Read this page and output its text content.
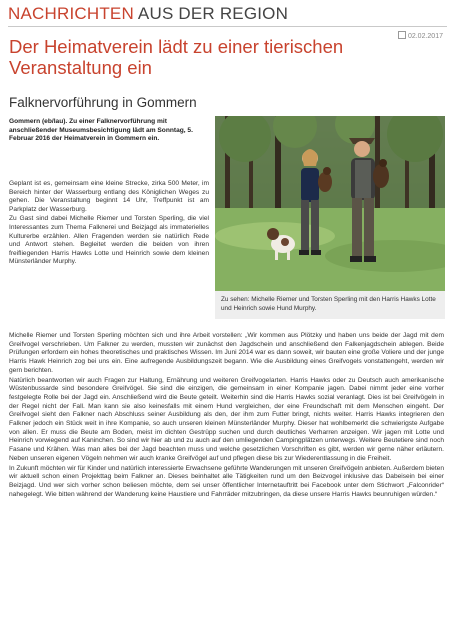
NACHRICHTEN AUS DER REGION
02.02.2017
Der Heimatverein lädt zu einer tierischen Veranstaltung ein
Falknervorführung in Gommern
Gommern (eb/lau). Zu einer Falknervorführung mit anschließender Museumsbesichtigung lädt am Sonntag, 5. Februar 2016 der Heimatverein in Gommern ein.

Geplant ist es, gemeinsam eine kleine Strecke, zirka 500 Meter, im Bereich hinter der Wasserburg entlang des Königlichen Weges zu gehen. Die Veranstaltung beginnt 14 Uhr, Treffpunkt ist am Parkplatz der Wasserburg.

Zu Gast sind dabei Michelle Riemer und Torsten Sperling, die viel Interessantes zum Thema Falknerei und Beizjagd als immaterielles Kulturerbe erzählen. Allen Fragenden werden sie natürlich Rede und Antwort stehen. Begleitet werden die beiden von ihren freifliegenden Harris Hawks Lotte und Heinrich sowie dem kleinen Münsterländer Murphy.

Zu sehen: Michelle Riemer und Torsten Sperling mit den Harris Hawks Lotte und Heinrich sowie Hund Murphy.

Michelle Riemer und Torsten Sperling möchten sich und ihre Arbeit vorstellen: „Wir kommen aus Plötzky und haben uns beide der Jagd mit dem Greifvogel verschrieben. Um Falkner zu werden, mussten wir zunächst den Jagdschein und anschließend den Falkenjagdschein ablegen. Beide Prüfungen erfordern ein hohes theoretisches und praktisches Wissen. Im Juni 2014 war es dann soweit, wir bauten eine große Voliere und der junge Harris Hawk Heinrich zog bei uns ein. Eine aufregende Ausbildungszeit begann. Wie die Ausbildung eines Greifvogels vonstattengeht, werden wir gern berichten.

Natürlich beantworten wir auch Fragen zur Haltung, Ernährung und weiteren Greifvogelarten. Harris Hawks oder zu Deutsch auch amerikanische Wüstenbussarde sind besondere Greifvögel. Sie sind die einzigen, die gemeinsam in einer Kompanie jagen. Dabei nimmt jeder eine vorher festgelegte Rolle bei der Jagd ein. Anschließend wird die Beute geteilt. Weiterhin sind die Harris Hawks sozial veranlagt. Dies ist bei Greifvögeln in der Regel nicht der Fall. Man kann sie also keinesfalls mit einem Hund vergleichen, der eine Freundschaft mit dem Menschen eingeht. Der Greifvogel sieht den Falkner nach Abschluss seiner Ausbildung als den, der ihm zum Futter bringt, nichts weiter. Harris Hawks integrieren den Falkner jedoch ein Stück weit in ihre Kompanie, so auch unseren kleinen Münsterländer Murphy. Dieser hat wohlbemerkt die schwierigste Aufgabe von allen. Er muss die Beute am Boden, meist im dichten Gestrüpp suchen und durch deutliches Verharren anzeigen. Wir jagen mit Lotte und Heinrich vorwiegend auf Kaninchen. So sind wir hier ab und zu auch auf den umliegenden Campingplätzen unterwegs. Weitere Beutetiere sind noch Fasane und Krähen. Was man alles bei der Jagd beachten muss und welche gesetzlichen Vorschriften es gibt, werden wir gerne näher erläutern. Neben unseren eigenen Vögeln nehmen wir auch kranke Greifvögel auf und pflegen diese bis zur Wiederentlassung in die Freiheit.

In Zukunft möchten wir für Kinder und natürlich interessierte Erwachsene geführte Wanderungen mit unseren Greifvögeln anbieten. Außerdem bieten wir aktuell schon einen Projekttag beim Falkner an. Dieses beinhaltet alle Tätigkeiten rund um den Beizvogel inklusive das Dabeisein bei einer Beizjagd. Und wer sich vorher schon beliesen möchte, dem sei unser öffentlicher Internetauftritt bei Facebook unter dem Stichwort „Falconrider“ nahegelegt. Wie bitten während der Wanderung keine Haustiere und Fahrräder mitzubringen, da diese unsere Harris Hawks beunruhigen würden.“
